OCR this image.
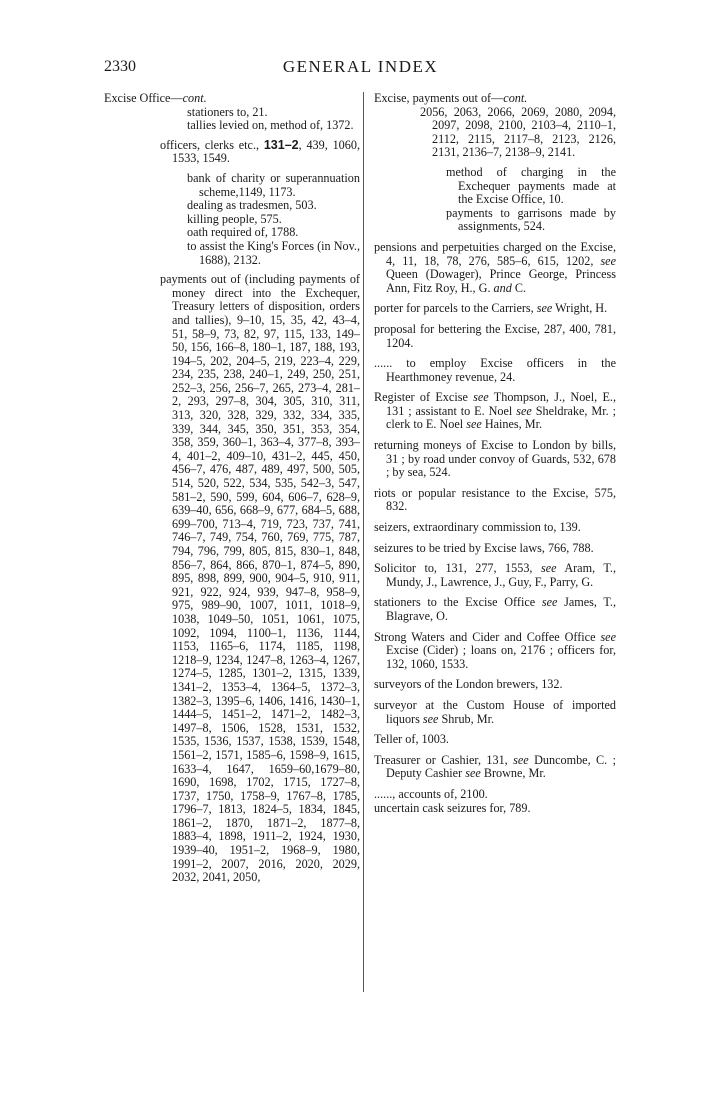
2330	GENERAL INDEX

Excise Office—cont.

stationers to, 21.

tallies levied on, method of, 1372.

officers, clerks etc., 131–2, 439, 1060, 1533, 1549.

bank of charity or superannuation scheme,1149, 1173.

dealing as tradesmen, 503.

killing people, 575.

oath required of, 1788.

to assist the King's Forces (in Nov., 1688), 2132.

payments out of (including payments of money direct into the Exchequer, Treasury letters of disposition, orders and tallies), 9–10, 15, 35, 42, 43–4, 51, 58–9, 73, 82, 97, 115, 133, 149–50, 156, 166–8, 180–1, 187, 188, 193, 194–5, 202, 204–5, 219, 223–4, 229, 234, 235, 238, 240–1, 249, 250, 251, 252–3, 256, 256–7, 265, 273–4, 281–2, 293, 297–8, 304, 305, 310, 311, 313, 320, 328, 329, 332, 334, 335, 339, 344, 345, 350, 351, 353, 354, 358, 359, 360–1, 363–4, 377–8, 393–4, 401–2, 409–10, 431–2, 445, 450, 456–7, 476, 487, 489, 497, 500, 505, 514, 520, 522, 534, 535, 542–3, 547, 581–2, 590, 599, 604, 606–7, 628–9, 639–40, 656, 668–9, 677, 684–5, 688, 699–700, 713–4, 719, 723, 737, 741, 746–7, 749, 754, 760, 769, 775, 787, 794, 796, 799, 805, 815, 830–1, 848, 856–7, 864, 866, 870–1, 874–5, 890, 895, 898, 899, 900, 904–5, 910, 911, 921, 922, 924, 939, 947–8, 958–9, 975, 989–90, 1007, 1011, 1018–9, 1038, 1049–50, 1051, 1061, 1075, 1092, 1094, 1100–1, 1136, 1144, 1153, 1165–6, 1174, 1185, 1198, 1218–9, 1234, 1247–8, 1263–4, 1267, 1274–5, 1285, 1301–2, 1315, 1339, 1341–2, 1353–4, 1364–5, 1372–3, 1382–3, 1395–6, 1406, 1416, 1430–1, 1444–5, 1451–2, 1471–2, 1482–3, 1497–8, 1506, 1528, 1531, 1532, 1535, 1536, 1537, 1538, 1539, 1548, 1561–2, 1571, 1585–6, 1598–9, 1615, 1633–4, 1647, 1659–60,1679–80, 1690, 1698, 1702, 1715, 1727–8, 1737, 1750, 1758–9, 1767–8, 1785, 1796–7, 1813, 1824–5, 1834, 1845, 1861–2, 1870, 1871–2, 1877–8, 1883–4, 1898, 1911–2, 1924, 1930, 1939–40, 1951–2, 1968–9, 1980, 1991–2, 2007, 2016, 2020, 2029, 2032, 2041, 2050,

Excise, payments out of—cont.

2056, 2063, 2066, 2069, 2080, 2094, 2097, 2098, 2100, 2103–4, 2110–1, 2112, 2115, 2117–8, 2123, 2126, 2131, 2136–7, 2138–9, 2141.

method of charging in the Exchequer payments made at the Excise Office, 10.

payments to garrisons made by assignments, 524.

pensions and perpetuities charged on the Excise, 4, 11, 18, 78, 276, 585–6, 615, 1202, see Queen (Dowager), Prince George, Princess Ann, Fitz Roy, H., G. and C.

porter for parcels to the Carriers, see Wright, H.

proposal for bettering the Excise, 287, 400, 781, 1204.

...... to employ Excise officers in the Hearthmoney revenue, 24.

Register of Excise see Thompson, J., Noel, E., 131 ; assistant to E. Noel see Sheldrake, Mr. ; clerk to E. Noel see Haines, Mr.

returning moneys of Excise to London by bills, 31 ; by road under convoy of Guards, 532, 678 ; by sea, 524.

riots or popular resistance to the Excise, 575, 832.

seizers, extraordinary commission to, 139.

seizures to be tried by Excise laws, 766, 788.

Solicitor to, 131, 277, 1553, see Aram, T., Mundy, J., Lawrence, J., Guy, F., Parry, G.

stationers to the Excise Office see James, T., Blagrave, O.

Strong Waters and Cider and Coffee Office see Excise (Cider) ; loans on, 2176 ; officers for, 132, 1060, 1533.

surveyors of the London brewers, 132.

surveyor at the Custom House of imported liquors see Shrub, Mr.

Teller of, 1003.

Treasurer or Cashier, 131, see Duncombe, C. ; Deputy Cashier see Browne, Mr.

......, accounts of, 2100.

uncertain cask seizures for, 789.
